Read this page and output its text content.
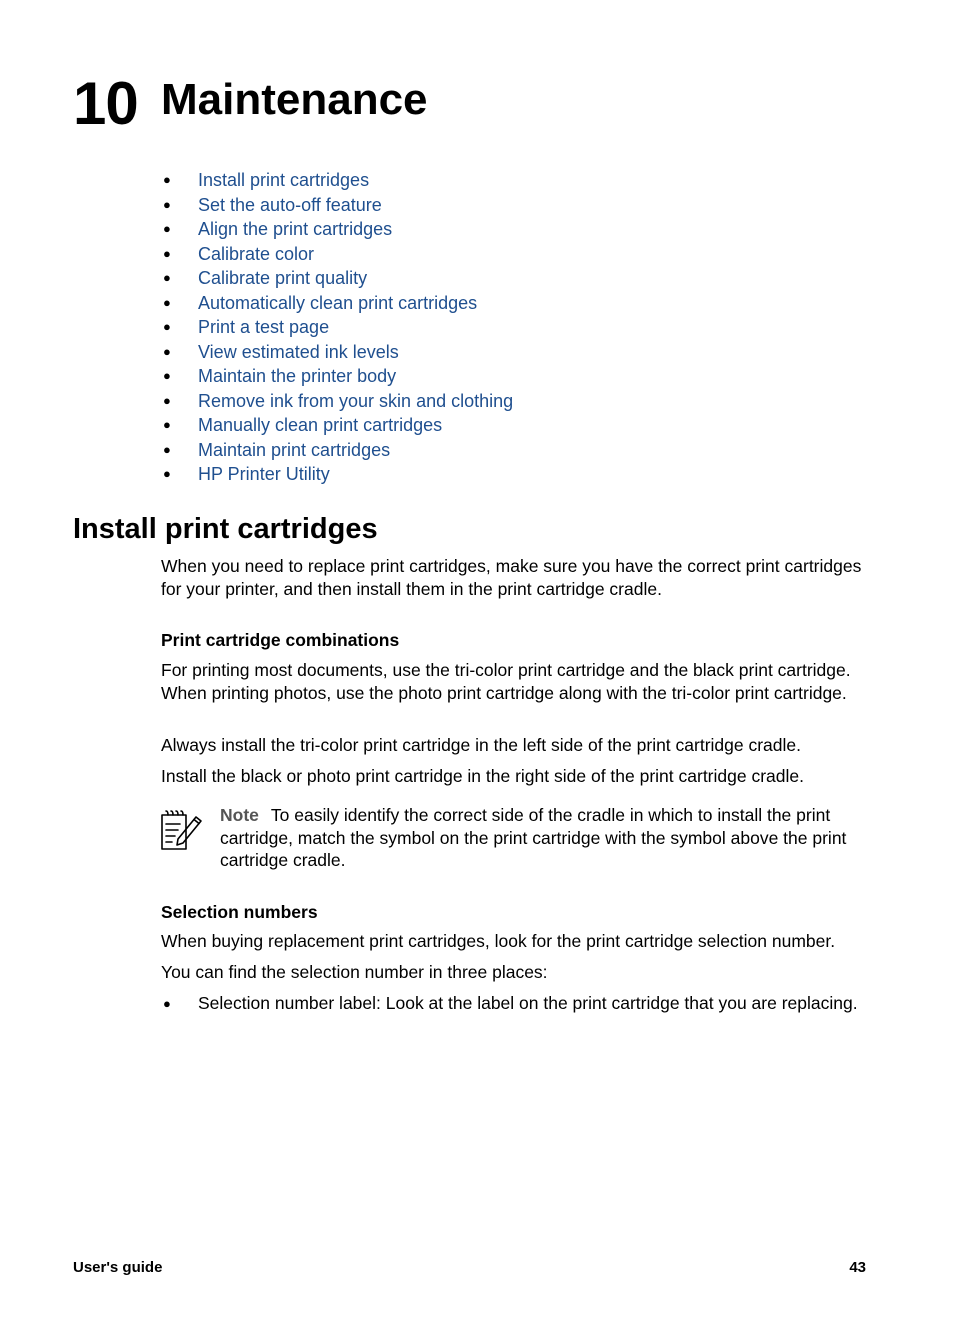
10 Maintenance
● Install print cartridges
● Set the auto-off feature
● Align the print cartridges
● Calibrate color
● Calibrate print quality
● Automatically clean print cartridges
● Print a test page
● View estimated ink levels
● Maintain the printer body
● Remove ink from your skin and clothing
● Manually clean print cartridges
● Maintain print cartridges
● HP Printer Utility
Install print cartridges

When you need to replace print cartridges, make sure you have the correct print cartridges for your printer, and then install them in the print cartridge cradle.

Print cartridge combinations

For printing most documents, use the tri-color print cartridge and the black print cartridge. When printing photos, use the photo print cartridge along with the tri-color print cartridge.

Always install the tri-color print cartridge in the left side of the print cartridge cradle.

Install the black or photo print cartridge in the right side of the print cartridge cradle.

Note To easily identify the correct side of the cradle in which to install the print cartridge, match the symbol on the print cartridge with the symbol above the print cartridge cradle.

Selection numbers

When buying replacement print cartridges, look for the print cartridge selection number.

You can find the selection number in three places:

● Selection number label: Look at the label on the print cartridge that you are replacing.
User's guide	43
